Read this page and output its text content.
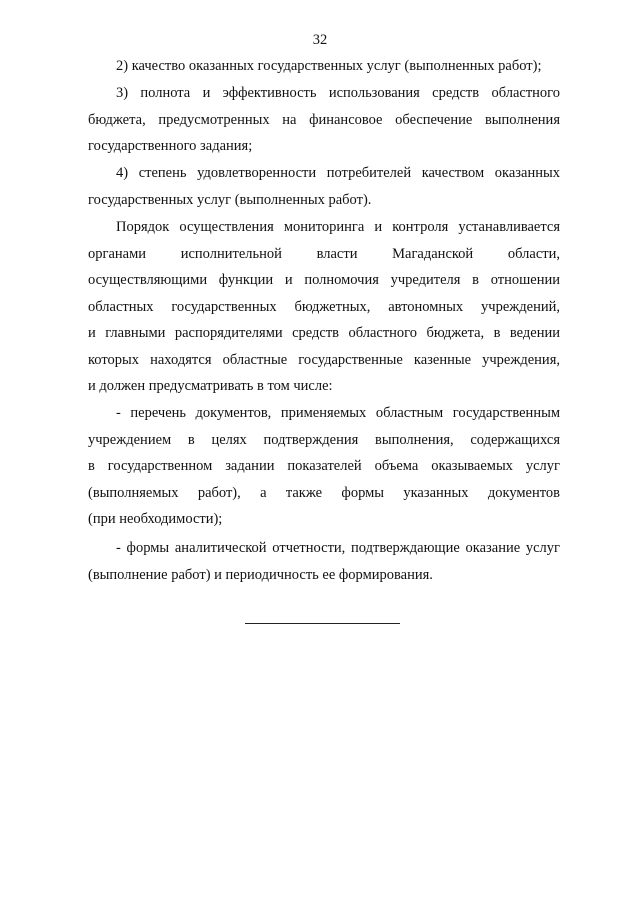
32
2) качество оказанных государственных услуг (выполненных работ);
3) полнота и эффективность использования средств областного
бюджета, предусмотренных на финансовое обеспечение выполнения
государственного задания;
4) степень удовлетворенности потребителей качеством оказанных
государственных услуг (выполненных работ).
Порядок осуществления мониторинга и контроля устанавливается
органами исполнительной власти Магаданской области,
осуществляющими функции и полномочия учредителя в отношении
областных государственных бюджетных, автономных учреждений,
и главными распорядителями средств областного бюджета, в ведении
которых находятся областные государственные казенные учреждения,
и должен предусматривать в том числе:
- перечень документов, применяемых областным государственным
учреждением в целях подтверждения выполнения, содержащихся
в государственном задании показателей объема оказываемых услуг
(выполняемых работ), а также формы указанных документов
(при необходимости);
- формы аналитической отчетности, подтверждающие оказание услуг
(выполнение работ) и периодичность ее формирования.
